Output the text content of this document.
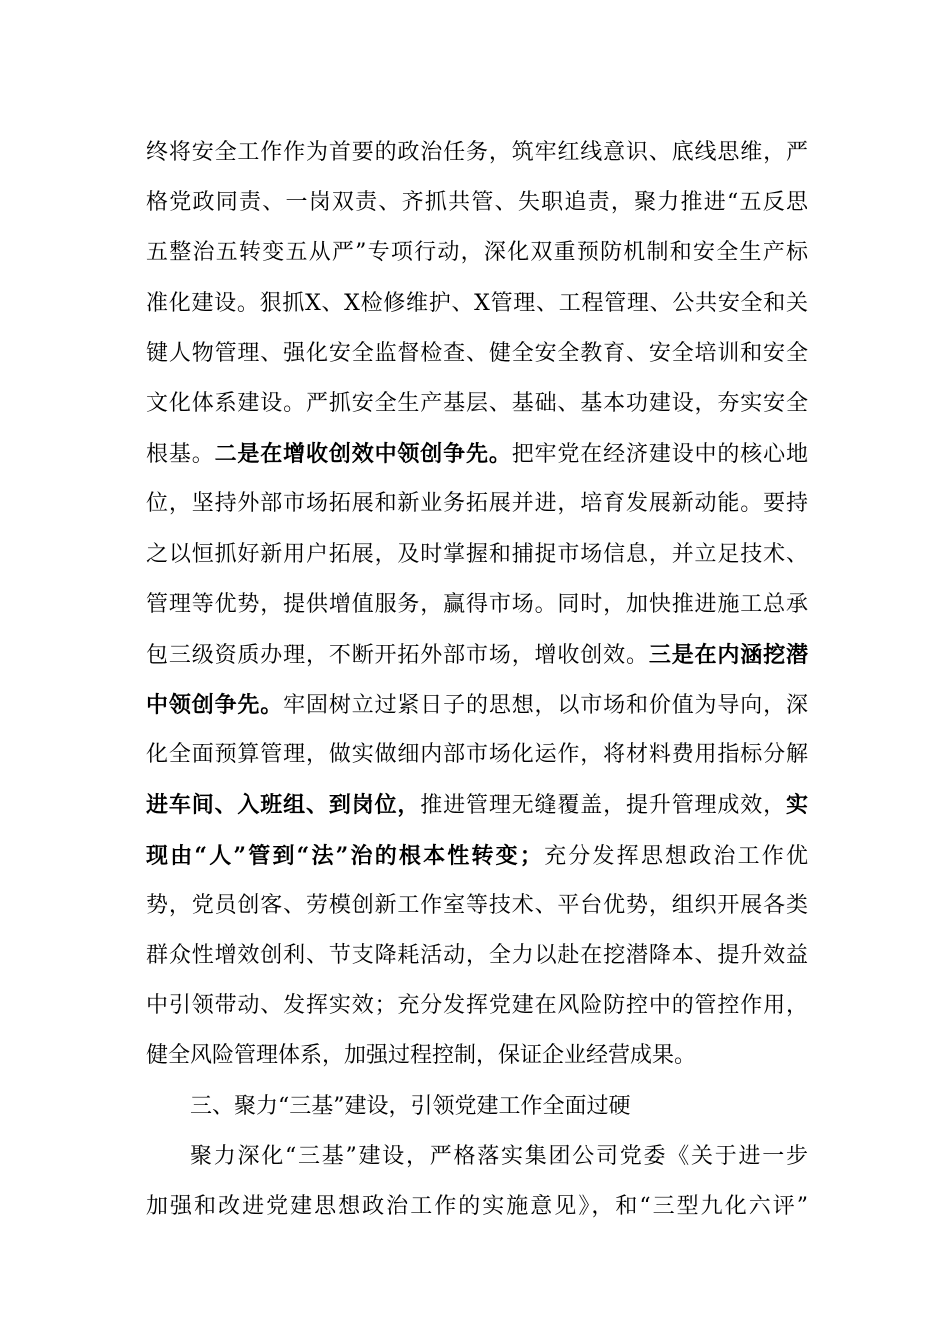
终将安全工作作为首要的政治任务，筑牢红线意识、底线思维，严
格党政同责、一岗双责、齐抓共管、失职追责，聚力推进“五反思
五整治五转变五从严”专项行动，深化双重预防机制和安全生产标
准化建设。狠抓X、X检修维护、X管理、工程管理、公共安全和关
键人物管理、强化安全监督检查、健全安全教育、安全培训和安全
文化体系建设。严抓安全生产基层、基础、基本功建设，夯实安全
根基。二是在增收创效中领创争先。把牢党在经济建设中的核心地
位，坚持外部市场拓展和新业务拓展并进，培育发展新动能。要持
之以恒抓好新用户拓展，及时掌握和捕捉市场信息，并立足技术、
管理等优势，提供增值服务，赢得市场。同时，加快推进施工总承
包三级资质办理，不断开拓外部市场，增收创效。三是在内涵挖潜
中领创争先。牢固树立过紧日子的思想，以市场和价值为导向，深
化全面预算管理，做实做细内部市场化运作，将材料费用指标分解
进车间、入班组、到岗位，推进管理无缝覆盖，提升管理成效，实
现由“人”管到“法”治的根本性转变；充分发挥思想政治工作优
势，党员创客、劳模创新工作室等技术、平台优势，组织开展各类
群众性增效创利、节支降耗活动，全力以赴在挖潜降本、提升效益
中引领带动、发挥实效；充分发挥党建在风险防控中的管控作用，
健全风险管理体系，加强过程控制，保证企业经营成果。
三、聚力“三基”建设，引领党建工作全面过硬
聚力深化“三基”建设，严格落实集团公司党委《关于进一步
加强和改进党建思想政治工作的实施意见》，和“三型九化六评”
